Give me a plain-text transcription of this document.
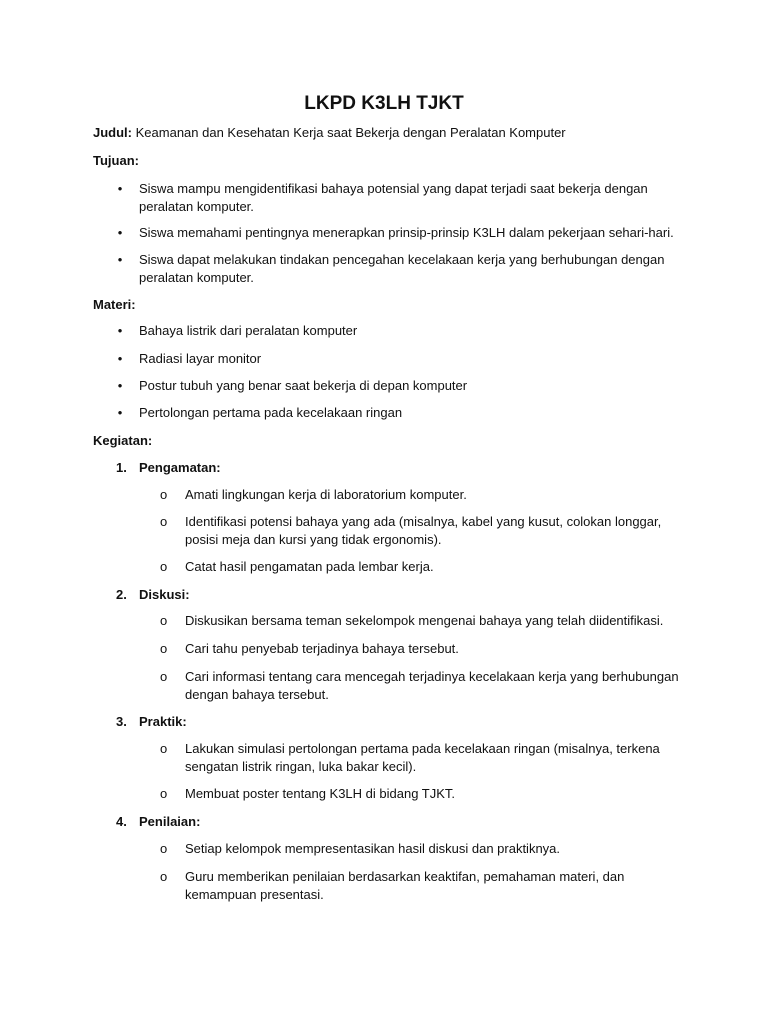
LKPD K3LH TJKT
Judul: Keamanan dan Kesehatan Kerja saat Bekerja dengan Peralatan Komputer
Tujuan:
• Siswa mampu mengidentifikasi bahaya potensial yang dapat terjadi saat bekerja dengan
peralatan komputer.
• Siswa memahami pentingnya menerapkan prinsip-prinsip K3LH dalam pekerjaan sehari-hari.
• Siswa dapat melakukan tindakan pencegahan kecelakaan kerja yang berhubungan dengan
peralatan komputer.
Materi:
• Bahaya listrik dari peralatan komputer
• Radiasi layar monitor
• Postur tubuh yang benar saat bekerja di depan komputer
• Pertolongan pertama pada kecelakaan ringan
Kegiatan:
1. Pengamatan:
o Amati lingkungan kerja di laboratorium komputer.
o Identifikasi potensi bahaya yang ada (misalnya, kabel yang kusut, colokan longgar,
posisi meja dan kursi yang tidak ergonomis).
o Catat hasil pengamatan pada lembar kerja.
2. Diskusi:
o Diskusikan bersama teman sekelompok mengenai bahaya yang telah diidentifikasi.
o Cari tahu penyebab terjadinya bahaya tersebut.
o Cari informasi tentang cara mencegah terjadinya kecelakaan kerja yang berhubungan
dengan bahaya tersebut.
3. Praktik:
o Lakukan simulasi pertolongan pertama pada kecelakaan ringan (misalnya, terkena
sengatan listrik ringan, luka bakar kecil).
o Membuat poster tentang K3LH di bidang TJKT.
4. Penilaian:
o Setiap kelompok mempresentasikan hasil diskusi dan praktiknya.
o Guru memberikan penilaian berdasarkan keaktifan, pemahaman materi, dan
kemampuan presentasi.
